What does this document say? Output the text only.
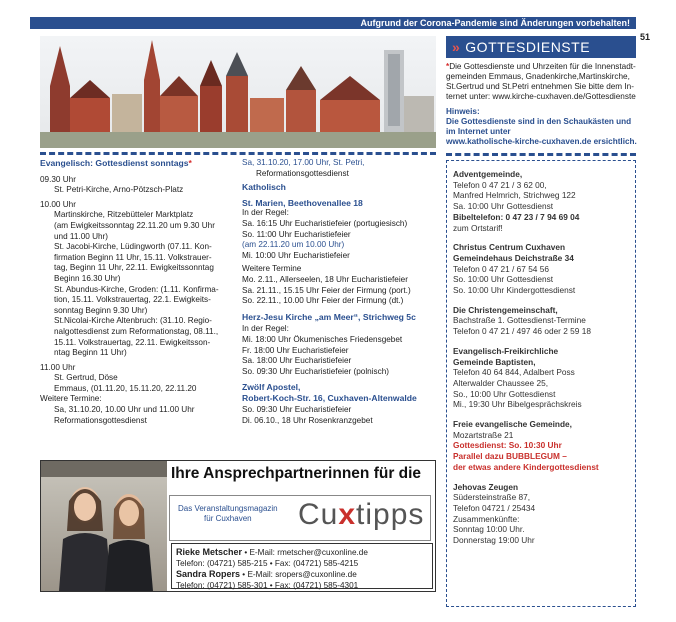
Aufgrund der Corona-Pandemie sind Änderungen vorbehalten!
51
» GOTTESDIENSTE
*Die Gottesdienste und Uhrzeiten für die Innenstadt-
gemeinden Emmaus, Gnadenkirche,Martinskirche,
St.Gertrud und St.Petri entnehmen Sie bitte dem In-
ternet unter: www.kirche-cuxhaven.de/Gottesdienste
Hinweis:
Die Gottesdienste sind in den Schaukästen und
im Internet unter
www.katholische-kirche-cuxhaven.de ersichtlich.

Evangelisch: Gottesdienst sonntags*

09.30 Uhr

St. Petri-Kirche, Arno-Pötzsch-Platz

10.00 Uhr

Martinskirche, Ritzebütteler Marktplatz

(am Ewigkeitssonntag 22.11.20 um 9.30 Uhr

und 11.00 Uhr)

St. Jacobi-Kirche, Lüdingworth (07.11. Kon-

firmation Beginn 11 Uhr, 15.11. Volkstrauer-

tag, Beginn 11 Uhr, 22.11. Ewigkeitssonntag

Beginn 16.30 Uhr)

St. Abundus-Kirche, Groden: (1.11. Konfirma-

tion, 15.11. Volkstrauertag, 22.1. Ewigkeits-

sonntag Beginn 9.30 Uhr)

St.Nicolai-Kirche Altenbruch: (31.10. Regio-

nalgottesdienst zum Reformationstag, 08.11.,

15.11. Volkstrauertag, 22.11. Ewigkeitsson-

ntag Beginn 11 Uhr)

11.00 Uhr

St. Gertrud, Döse

Emmaus, (01.11.20, 15.11.20, 22.11.20

Weitere Termine:

Sa, 31.10.20, 10.00 Uhr und 11.00 Uhr

Reformationsgottesdienst

Sa, 31.10.20, 17.00 Uhr, St. Petri,

Reformationsgottesdienst

Katholisch

St. Marien, Beethovenallee 18

In der Regel:

Sa. 16:15 Uhr Eucharistiefeier (portugiesisch)

So. 11:00 Uhr Eucharistiefeier

(am 22.11.20 um 10.00 Uhr)

Mi. 10:00 Uhr Eucharistiefeier

Weitere Termine

Mo. 2.11., Allerseelen, 18 Uhr Eucharistiefeier

Sa. 21.11., 15.15 Uhr Feier der Firmung (port.)

So. 22.11., 10.00 Uhr Feier der Firmung (dt.)

Herz-Jesu Kirche „am Meer“, Strichweg 5c

In der Regel:

Mi. 18:00 Uhr Ökumenisches Friedensgebet

Fr. 18:00 Uhr Eucharistiefeier

Sa. 18:00 Uhr Eucharistiefeier

So. 09:30 Uhr Eucharistiefeier (polnisch)

Zwölf Apostel,

Robert-Koch-Str. 16, Cuxhaven-Altenwalde

So. 09:30 Uhr Eucharistiefeier

Di. 06.10., 18 Uhr Rosenkranzgebet

Adventgemeinde,
Telefon 0 47 21 / 3 62 00,
Manfred Helmrich, Strichweg 122
Sa. 10:00 Uhr Gottesdienst
Bibeltelefon: 0 47 23 / 7 94 69 04
zum Ortstarif!
Christus Centrum Cuxhaven
Gemeindehaus Deichstraße 34
Telefon 0 47 21 / 67 54 56
So. 10:00 Uhr Gottesdienst
So. 10:00 Uhr Kindergottesdienst
Die Christengemeinschaft,
Bachstraße 1. Gottesdienst-Termine
Telefon 0 47 21 / 497 46 oder 2 59 18
Evangelisch-Freikirchliche
Gemeinde Baptisten,
Telefon 40 64 844, Adalbert Poss
Alterwalder Chaussee 25,
So., 10:00 Uhr Gottesdienst
Mi., 19:30 Uhr Bibelgesprächskreis
Freie evangelische Gemeinde,
Mozartstraße 21
Gottesdienst: So. 10:30 Uhr
Parallel dazu BUBBLEGUM –
der etwas andere Kindergottesdienst
Jehovas Zeugen
Südersteinstraße 87,
Telefon 04721 / 25434
Zusammenkünfte:
Sonntag 10:00 Uhr.
Donnerstag 19:00 Uhr
Ihre Ansprechpartnerinnen für die
Das Veranstaltungsmagazin
für Cuxhaven	Cuxtipps
Rieke Metscher • E-Mail: rmetscher@cuxonline.de
Telefon: (04721) 585-215 • Fax: (04721) 585-4215
Sandra Ropers • E-Mail: sropers@cuxonline.de
Telefon: (04721) 585-301 • Fax: (04721) 585-4301
